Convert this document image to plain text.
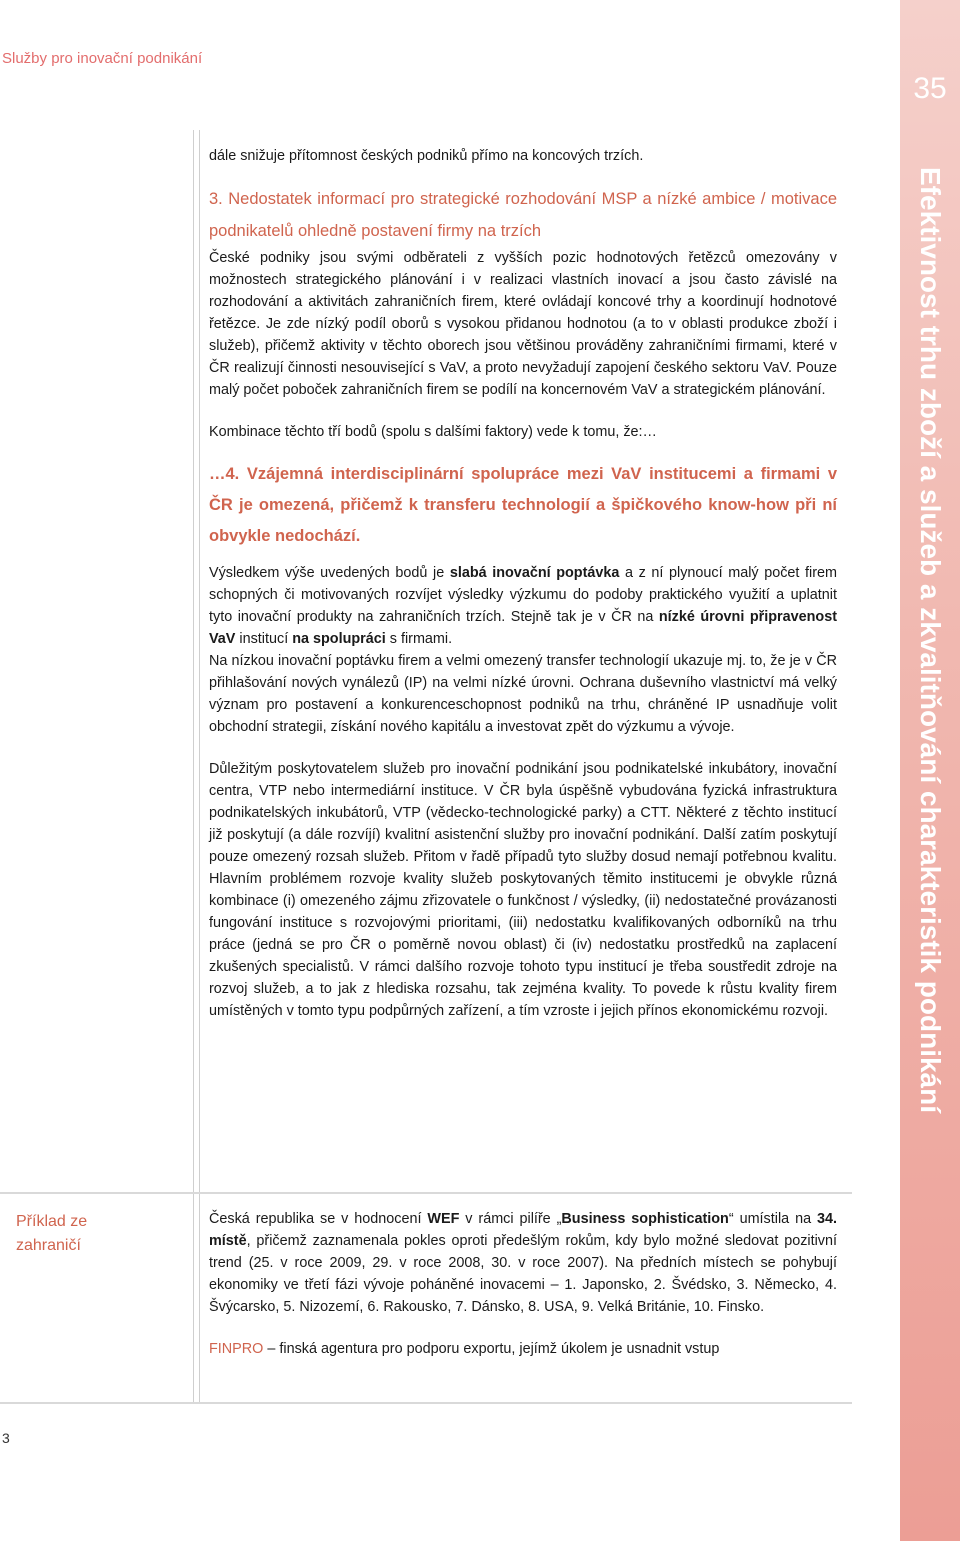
35
Efektivnost trhu zboží a služeb a zkvalitňování charakteristik podnikání
Služby pro inovační podnikání

dále snižuje přítomnost českých podniků přímo na koncových trzích.

3. Nedostatek informací pro strategické rozhodování MSP a nízké ambice / motivace podnikatelů ohledně postavení firmy na trzích

České podniky jsou svými odběrateli z vyšších pozic hodnotových řetězců omezovány v možnostech strategického plánování i v realizaci vlastních inovací a jsou často závislé na rozhodování a aktivitách zahraničních firem, které ovládají koncové trhy a koordinují hodnotové řetězce. Je zde nízký podíl oborů s vysokou přidanou hodnotou (a to v oblasti produkce zboží i služeb), přičemž aktivity v těchto oborech jsou většinou prováděny zahraničními firmami, které v ČR realizují činnosti nesouvisející s VaV, a proto nevyžadují zapojení českého sektoru VaV. Pouze malý počet poboček zahraničních firem se podílí na koncernovém VaV a strategickém plánování.

Kombinace těchto tří bodů (spolu s dalšími faktory) vede k tomu, že:…

…4. Vzájemná interdisciplinární spolupráce mezi VaV institucemi a firmami v ČR je omezená, přičemž k transferu technologií a špičkového know-how při ní obvykle nedochází.

Výsledkem výše uvedených bodů je slabá inovační poptávka a z ní plynoucí malý počet firem schopných či motivovaných rozvíjet výsledky výzkumu do podoby praktického využití a uplatnit tyto inovační produkty na zahraničních trzích. Stejně tak je v ČR na nízké úrovni připravenost VaV institucí na spolupráci s firmami.

Na nízkou inovační poptávku firem a velmi omezený transfer technologií ukazuje mj. to, že je v ČR přihlašování nových vynálezů (IP) na velmi nízké úrovni. Ochrana duševního vlastnictví má velký význam pro postavení a konkurenceschopnost podniků na trhu, chráněné IP usnadňuje volit obchodní strategii, získání nového kapitálu a investovat zpět do výzkumu a vývoje.

Důležitým poskytovatelem služeb pro inovační podnikání jsou podnikatelské inkubátory, inovační centra, VTP nebo intermediární instituce. V ČR byla úspěšně vybudována fyzická infrastruktura podnikatelských inkubátorů, VTP (vědecko-technologické parky) a CTT. Některé z těchto institucí již poskytují (a dále rozvíjí) kvalitní asistenční služby pro inovační podnikání. Další zatím poskytují pouze omezený rozsah služeb. Přitom v řadě případů tyto služby dosud nemají potřebnou kvalitu. Hlavním problémem rozvoje kvality služeb poskytovaných těmito institucemi je obvykle různá kombinace (i) omezeného zájmu zřizovatele o funkčnost / výsledky, (ii) nedostatečné provázanosti fungování instituce s rozvojovými prioritami, (iii) nedostatku kvalifikovaných odborníků na trhu práce (jedná se pro ČR o poměrně novou oblast) či (iv) nedostatku prostředků na zaplacení zkušených specialistů. V rámci dalšího rozvoje tohoto typu institucí je třeba soustředit zdroje na rozvoj služeb, a to jak z hlediska rozsahu, tak zejména kvality. To povede k růstu kvality firem umístěných v tomto typu podpůrných zařízení, a tím vzroste i jejich přínos ekonomickému rozvoji.

Příklad ze zahraničí

Česká republika se v hodnocení WEF v rámci pilíře „Business sophistication“ umístila na 34. místě, přičemž zaznamenala pokles oproti předešlým rokům, kdy bylo možné sledovat pozitivní trend (25. v roce 2009, 29. v roce 2008, 30. v roce 2007). Na předních místech se pohybují ekonomiky ve třetí fázi vývoje poháněné inovacemi – 1. Japonsko, 2. Švédsko, 3. Německo, 4. Švýcarsko, 5. Nizozemí, 6. Rakousko, 7. Dánsko, 8. USA, 9. Velká Británie, 10. Finsko.

FINPRO – finská agentura pro podporu exportu, jejímž úkolem je usnadnit vstup

3
